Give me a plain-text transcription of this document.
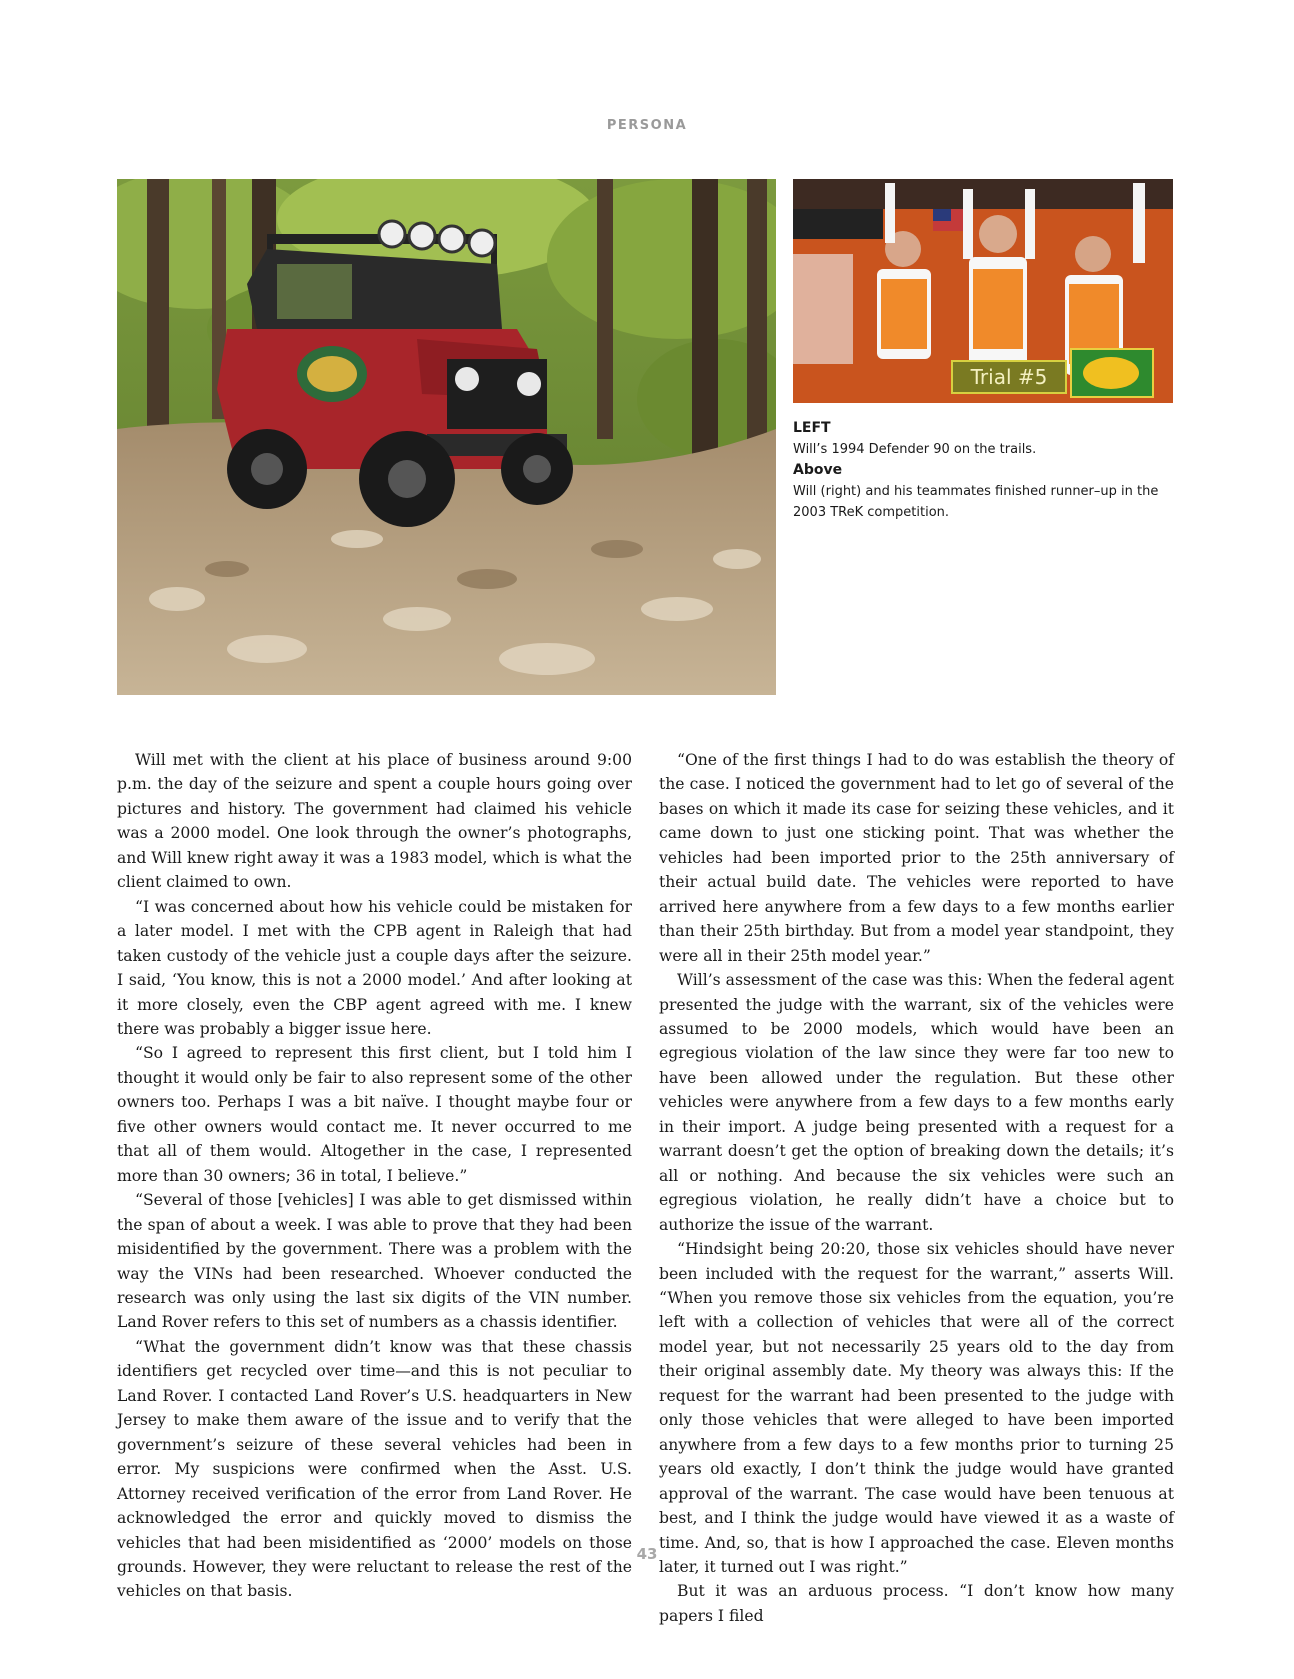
PERSONA
Trial #5
LEFT
Will’s 1994 Defender 90 on the trails.
Above
Will (right) and his teammates finished runner–up in the 2003 TReK competition.

Will met with the client at his place of business around 9:00 p.m. the day of the seizure and spent a couple hours going over pictures and history. The government had claimed his vehicle was a 2000 model. One look through the owner’s photographs, and Will knew right away it was a 1983 model, which is what the client claimed to own.

“I was concerned about how his vehicle could be mistaken for a later model. I met with the CPB agent in Raleigh that had taken custody of the vehicle just a couple days after the seizure. I said, ‘You know, this is not a 2000 model.’ And after looking at it more closely, even the CBP agent agreed with me. I knew there was probably a bigger issue here.

“So I agreed to represent this first client, but I told him I thought it would only be fair to also represent some of the other owners too. Perhaps I was a bit naïve. I thought maybe four or five other owners would contact me. It never occurred to me that all of them would. Altogether in the case, I represented more than 30 owners; 36 in total, I believe.”

“Several of those [vehicles] I was able to get dismissed within the span of about a week. I was able to prove that they had been misidentified by the government. There was a problem with the way the VINs had been researched. Whoever conducted the research was only using the last six digits of the VIN number. Land Rover refers to this set of numbers as a chassis identifier.

“What the government didn’t know was that these chassis identifiers get recycled over time—and this is not peculiar to Land Rover. I contacted Land Rover’s U.S. headquarters in New Jersey to make them aware of the issue and to verify that the government’s seizure of these several vehicles had been in error. My suspicions were confirmed when the Asst. U.S. Attorney received verification of the error from Land Rover. He acknowledged the error and quickly moved to dismiss the vehicles that had been misidentified as ‘2000’ models on those grounds. However, they were reluctant to release the rest of the vehicles on that basis.

“One of the first things I had to do was establish the theory of the case. I noticed the government had to let go of several of the bases on which it made its case for seizing these vehicles, and it came down to just one sticking point. That was whether the vehicles had been imported prior to the 25th anniversary of their actual build date. The vehicles were reported to have arrived here anywhere from a few days to a few months earlier than their 25th birthday. But from a model year standpoint, they were all in their 25th model year.”

Will’s assessment of the case was this: When the federal agent presented the judge with the warrant, six of the vehicles were assumed to be 2000 models, which would have been an egregious violation of the law since they were far too new to have been allowed under the regulation. But these other vehicles were anywhere from a few days to a few months early in their import. A judge being presented with a request for a warrant doesn’t get the option of breaking down the details; it’s all or nothing. And because the six vehicles were such an egregious violation, he really didn’t have a choice but to authorize the issue of the warrant.

“Hindsight being 20:20, those six vehicles should have never been included with the request for the warrant,” asserts Will. “When you remove those six vehicles from the equation, you’re left with a collection of vehicles that were all of the correct model year, but not necessarily 25 years old to the day from their original assembly date. My theory was always this: If the request for the warrant had been presented to the judge with only those vehicles that were alleged to have been imported anywhere from a few days to a few months prior to turning 25 years old exactly, I don’t think the judge would have granted approval of the warrant. The case would have been tenuous at best, and I think the judge would have viewed it as a waste of time. And, so, that is how I approached the case. Eleven months later, it turned out I was right.”

But it was an arduous process. “I don’t know how many papers I filed

43
